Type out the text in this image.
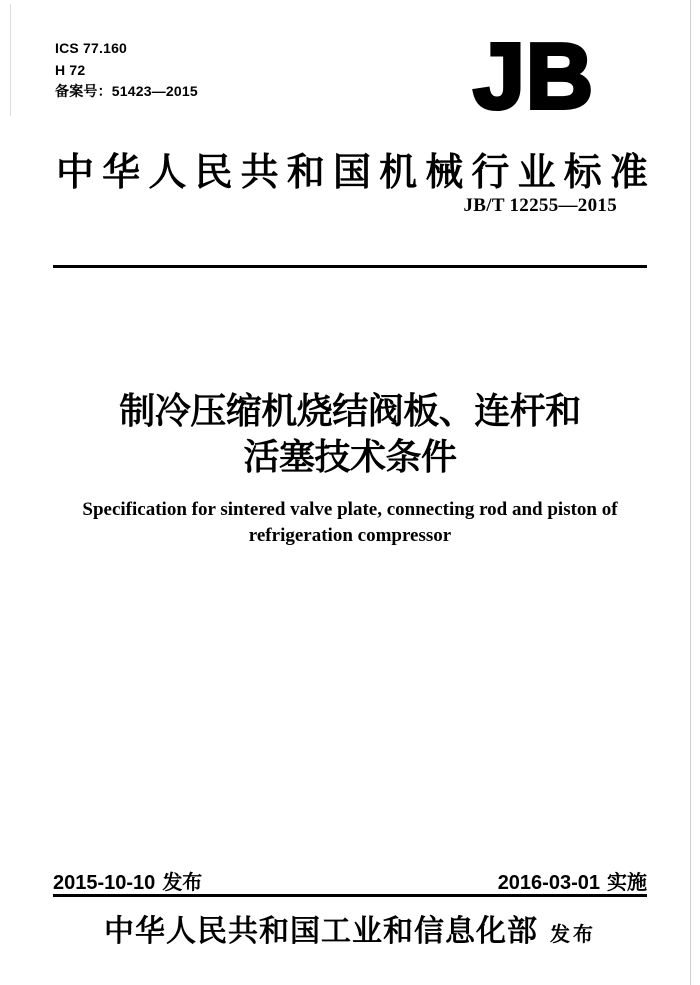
ICS 77.160
H 72
备案号：51423—2015	JB
中 华 人 民 共 和 国 机 械 行 业 标 准
JB/T 12255—2015
制冷压缩机烧结阀板、连杆和
活塞技术条件
Specification for sintered valve plate, connecting rod and piston of
refrigeration compressor
2015-10-10 发布	2016-03-01 实施
中华人民共和国工业和信息化部 发布
